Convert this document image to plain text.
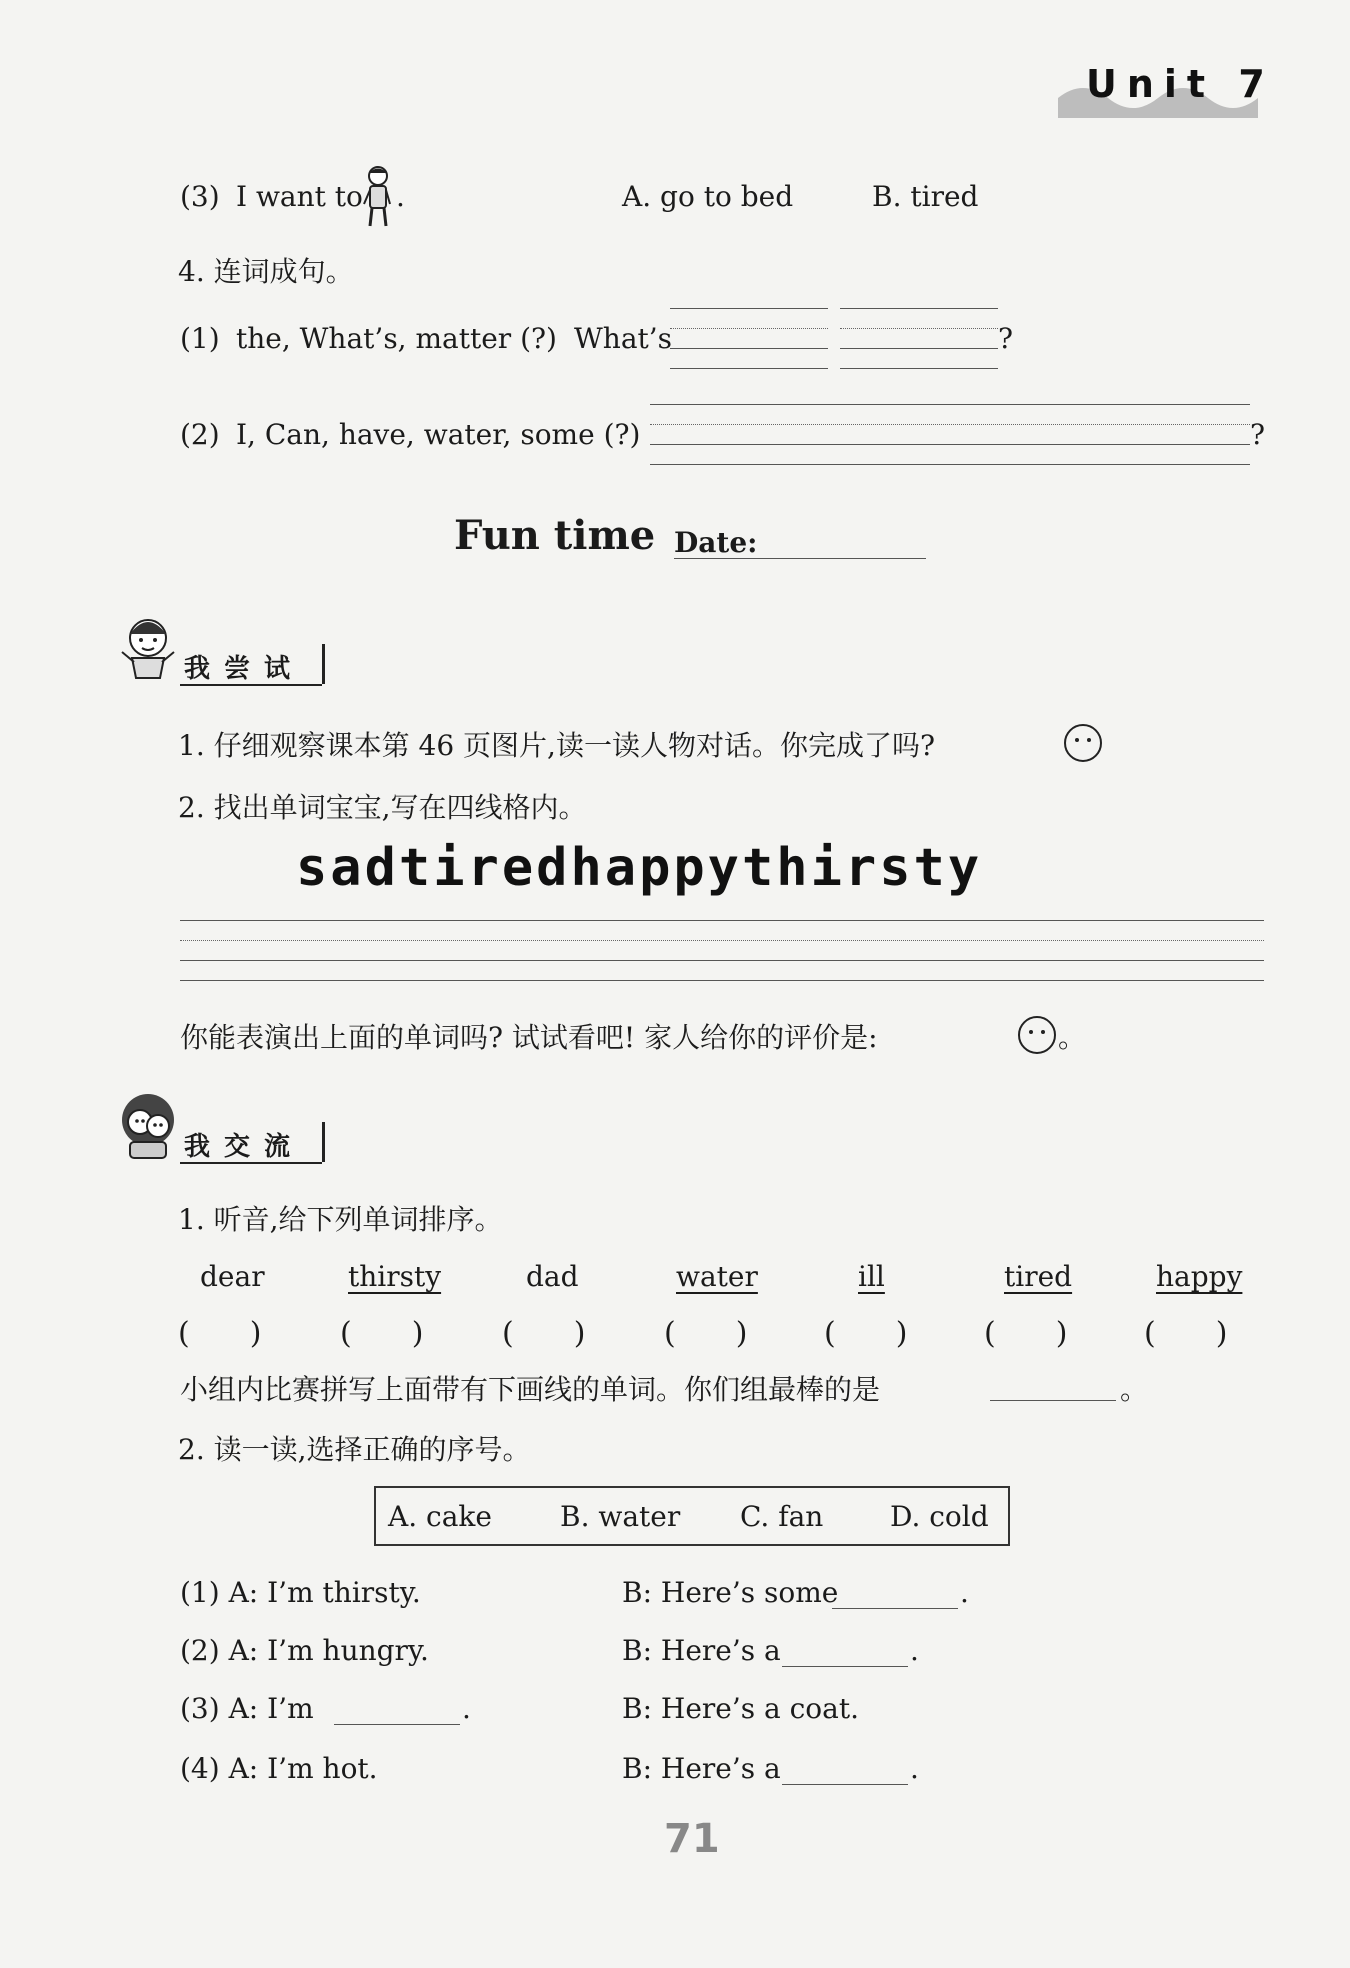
Unit 7
(3) I want to .	A. go to bed	B. tired
4. 连词成句。
(1) the, What’s, matter (?) What’s	?
(2) I, Can, have, water, some (?)	?
Fun time Date:
我尝试
1. 仔细观察课本第 46 页图片,读一读人物对话。你完成了吗?
2. 找出单词宝宝,写在四线格内。
sadtiredhappythirsty
你能表演出上面的单词吗? 试试看吧! 家人给你的评价是:	。
我交流
1. 听音,给下列单词排序。
dear	thirsty	dad	water	ill	tired	happy
(　　)	(　　)	(　　)	(　　)	(　　)	(　　)	(　　)
小组内比赛拼写上面带有下画线的单词。你们组最棒的是	。
2. 读一读,选择正确的序号。
A. cake B. water C. fan D. cold
(1) A: I’m thirsty.	B: Here’s some	.
(2) A: I’m hungry.	B: Here’s a	.
(3) A: I’m	.	B: Here’s a coat.
(4) A: I’m hot.	B: Here’s a	.
71
